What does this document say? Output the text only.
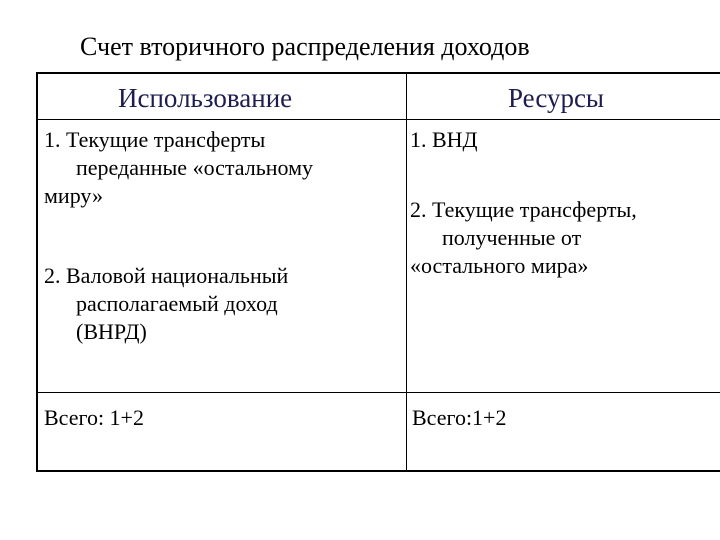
Счет вторичного распределения доходов
Использование	Ресурсы
1. Текущие трансферты
переданные «остальному
миру»
2. Валовой национальный
располагаемый доход
(ВНРД)
1. ВНД
2. Текущие трансферты,
полученные от
«остального мира»
Всего: 1+2	Всего:1+2
